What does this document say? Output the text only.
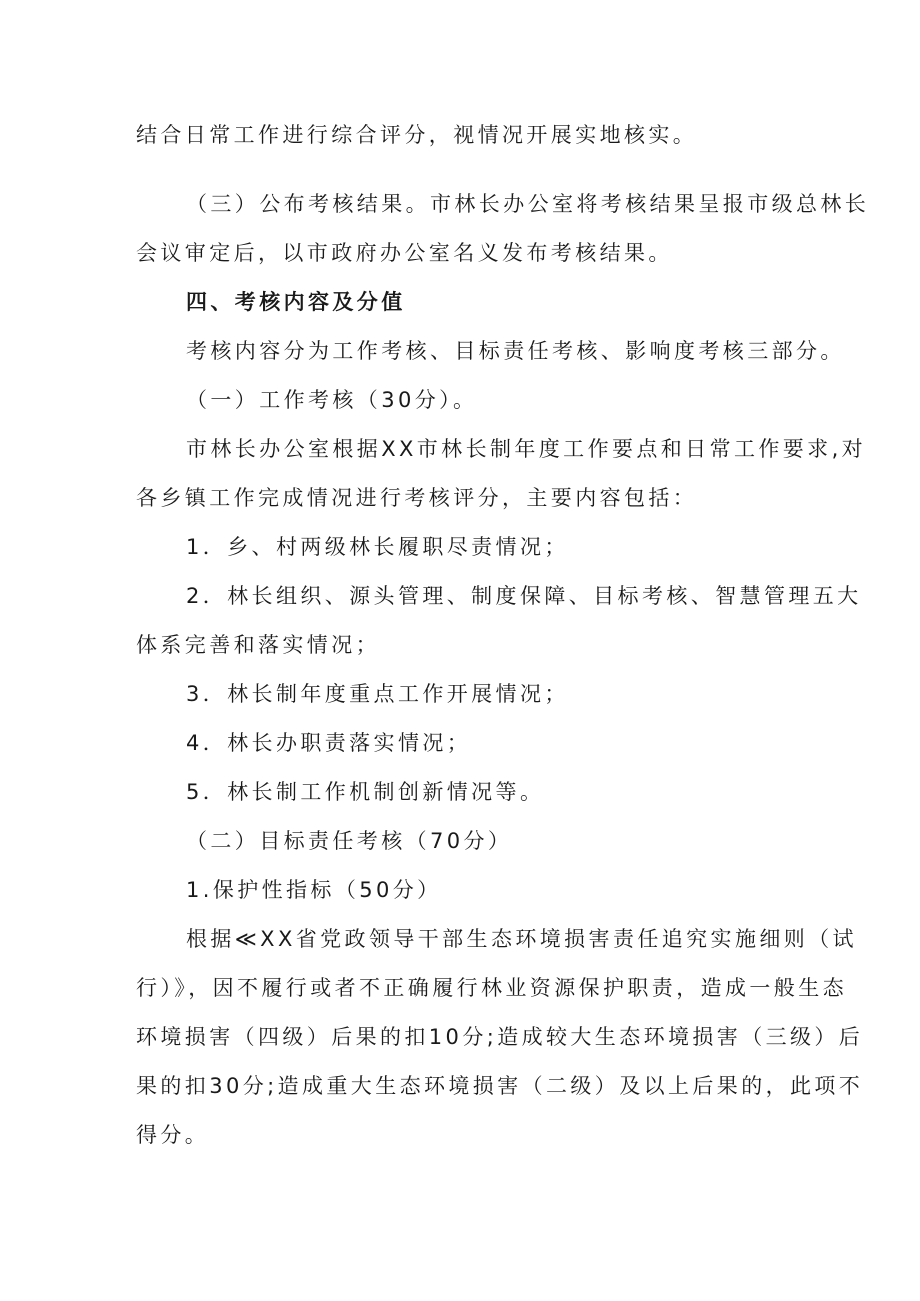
结合日常工作进行综合评分，视情况开展实地核实。
（三）公布考核结果。市林长办公室将考核结果呈报市级总林长
会议审定后，以市政府办公室名义发布考核结果。
四、考核内容及分值
考核内容分为工作考核、目标责任考核、影响度考核三部分。
（一）工作考核（30分）。
市林长办公室根据XX市林长制年度工作要点和日常工作要求,对
各乡镇工作完成情况进行考核评分，主要内容包括：
1．乡、村两级林长履职尽责情况；
2．林长组织、源头管理、制度保障、目标考核、智慧管理五大
体系完善和落实情况；
3．林长制年度重点工作开展情况；
4．林长办职责落实情况；
5．林长制工作机制创新情况等。
（二）目标责任考核（70分）
1.保护性指标（50分）
根据≪XX省党政领导干部生态环境损害责任追究实施细则（试
行）》，因不履行或者不正确履行林业资源保护职责，造成一般生态
环境损害（四级）后果的扣10分;造成较大生态环境损害（三级）后
果的扣30分;造成重大生态环境损害（二级）及以上后果的，此项不
得分。
